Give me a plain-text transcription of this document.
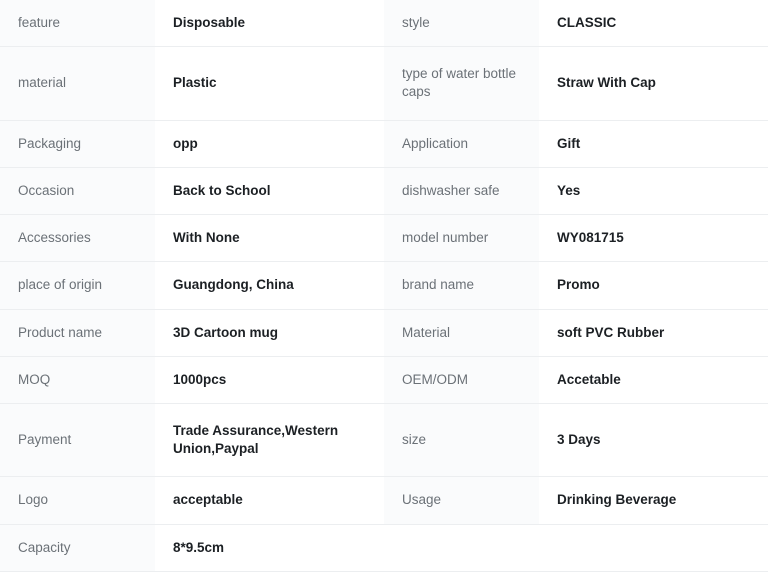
feature	Disposable	style	CLASSIC
material	Plastic	type of water bottle caps	Straw With Cap
Packaging	opp	Application	Gift
Occasion	Back to School	dishwasher safe	Yes
Accessories	With None	model number	WY081715
place of origin	Guangdong, China	brand name	Promo
Product name	3D Cartoon mug	Material	soft PVC Rubber
MOQ	1000pcs	OEM/ODM	Accetable
Payment	Trade Assurance,Western Union,Paypal	size	3 Days
Logo	acceptable	Usage	Drinking Beverage
Capacity	8*9.5cm		
